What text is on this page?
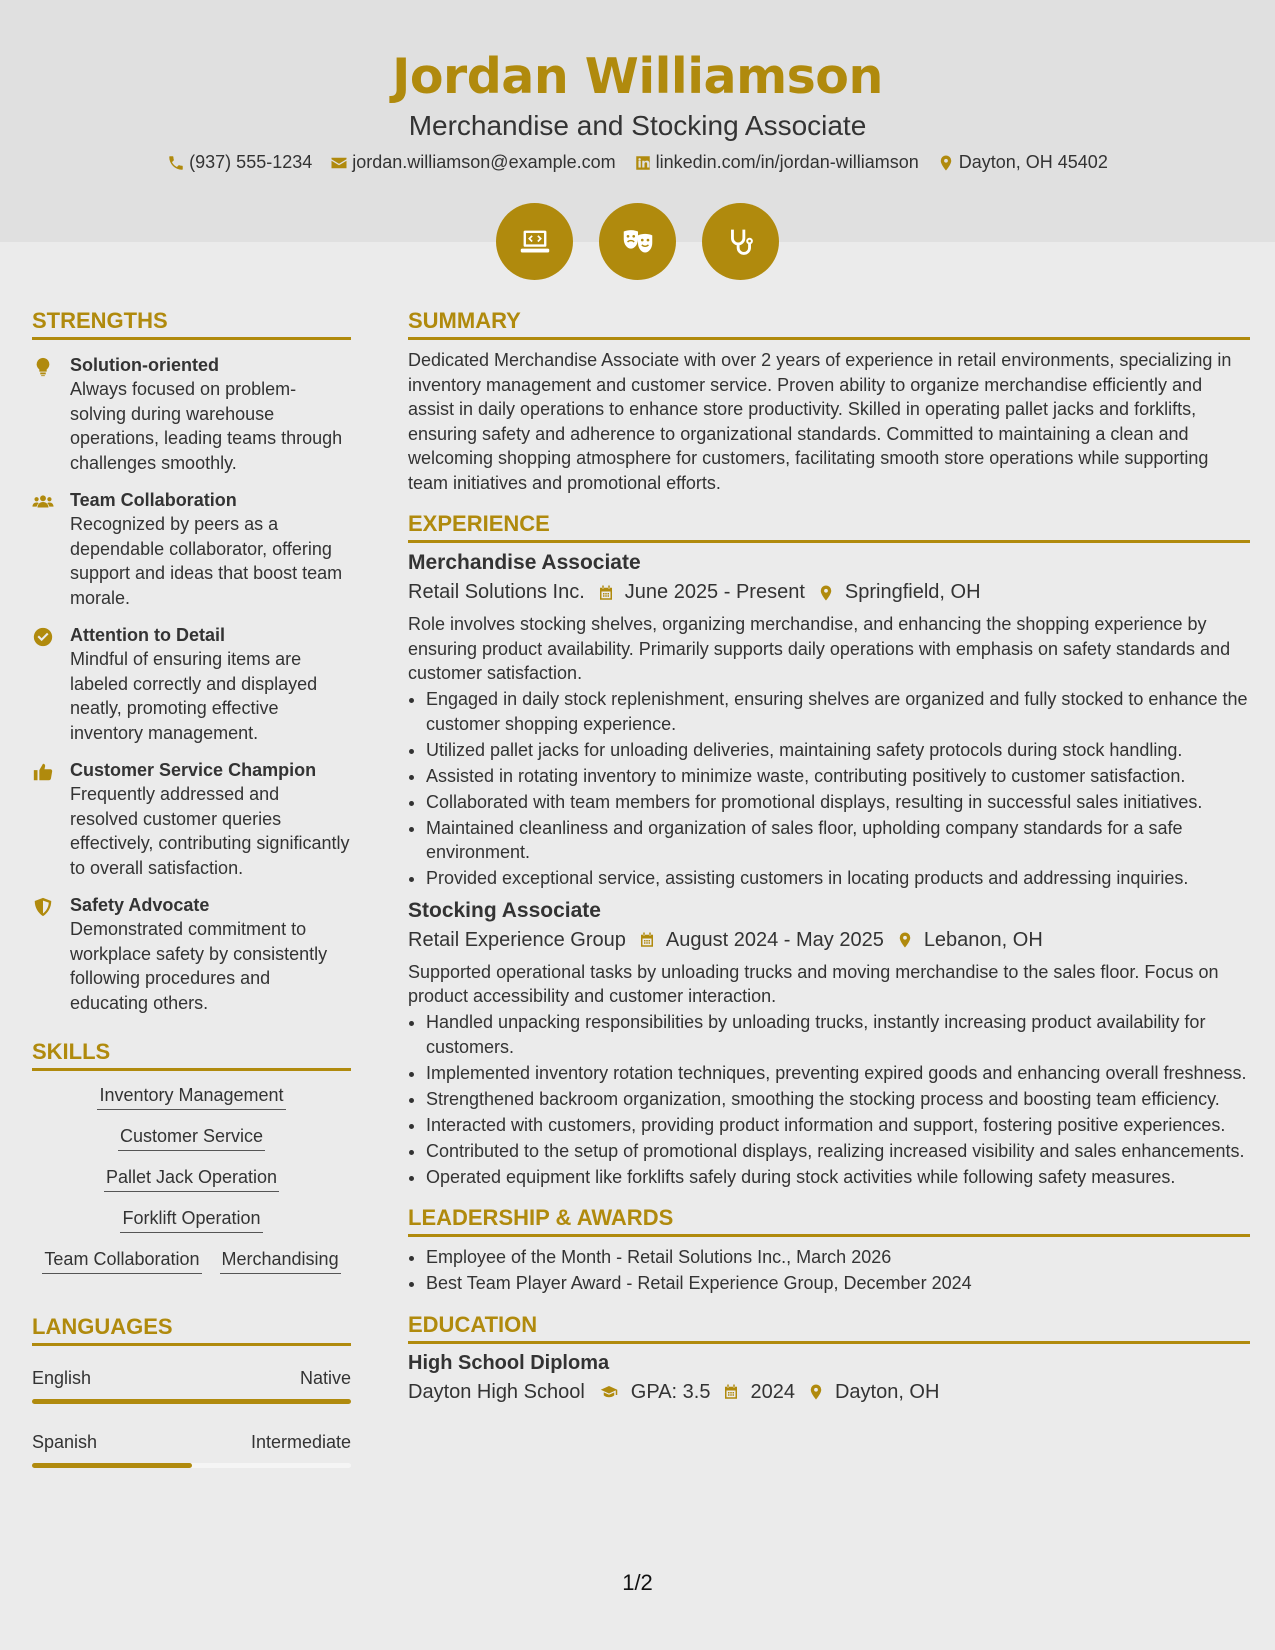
Jordan Williamson
Merchandise and Stocking Associate
(937) 555-1234 jordan.williamson@example.com linkedin.com/in/jordan-williamson Dayton, OH 45402
STRENGTHS
Solution-oriented
Always focused on problem-solving during warehouse operations, leading teams through challenges smoothly.
Team Collaboration
Recognized by peers as a dependable collaborator, offering support and ideas that boost team morale.
Attention to Detail
Mindful of ensuring items are labeled correctly and displayed neatly, promoting effective inventory management.
Customer Service Champion
Frequently addressed and resolved customer queries effectively, contributing significantly to overall satisfaction.
Safety Advocate
Demonstrated commitment to workplace safety by consistently following procedures and educating others.
SKILLS
Inventory Management
Customer Service
Pallet Jack Operation
Forklift Operation
Team Collaboration Merchandising
LANGUAGES
English	Native
Spanish	Intermediate
SUMMARY
Dedicated Merchandise Associate with over 2 years of experience in retail environments, specializing in inventory management and customer service. Proven ability to organize merchandise efficiently and assist in daily operations to enhance store productivity. Skilled in operating pallet jacks and forklifts, ensuring safety and adherence to organizational standards. Committed to maintaining a clean and welcoming shopping atmosphere for customers, facilitating smooth store operations while supporting team initiatives and promotional efforts.
EXPERIENCE
Merchandise Associate
Retail Solutions Inc. June 2025 - Present Springfield, OH
Role involves stocking shelves, organizing merchandise, and enhancing the shopping experience by ensuring product availability. Primarily supports daily operations with emphasis on safety standards and customer satisfaction.
• Engaged in daily stock replenishment, ensuring shelves are organized and fully stocked to enhance the customer shopping experience.
• Utilized pallet jacks for unloading deliveries, maintaining safety protocols during stock handling.
• Assisted in rotating inventory to minimize waste, contributing positively to customer satisfaction.
• Collaborated with team members for promotional displays, resulting in successful sales initiatives.
• Maintained cleanliness and organization of sales floor, upholding company standards for a safe environment.
• Provided exceptional service, assisting customers in locating products and addressing inquiries.
Stocking Associate
Retail Experience Group August 2024 - May 2025 Lebanon, OH
Supported operational tasks by unloading trucks and moving merchandise to the sales floor. Focus on product accessibility and customer interaction.
• Handled unpacking responsibilities by unloading trucks, instantly increasing product availability for customers.
• Implemented inventory rotation techniques, preventing expired goods and enhancing overall freshness.
• Strengthened backroom organization, smoothing the stocking process and boosting team efficiency.
• Interacted with customers, providing product information and support, fostering positive experiences.
• Contributed to the setup of promotional displays, realizing increased visibility and sales enhancements.
• Operated equipment like forklifts safely during stock activities while following safety measures.
LEADERSHIP & AWARDS
• Employee of the Month - Retail Solutions Inc., March 2026
• Best Team Player Award - Retail Experience Group, December 2024
EDUCATION
High School Diploma
Dayton High School GPA: 3.5 2024 Dayton, OH
1/2
